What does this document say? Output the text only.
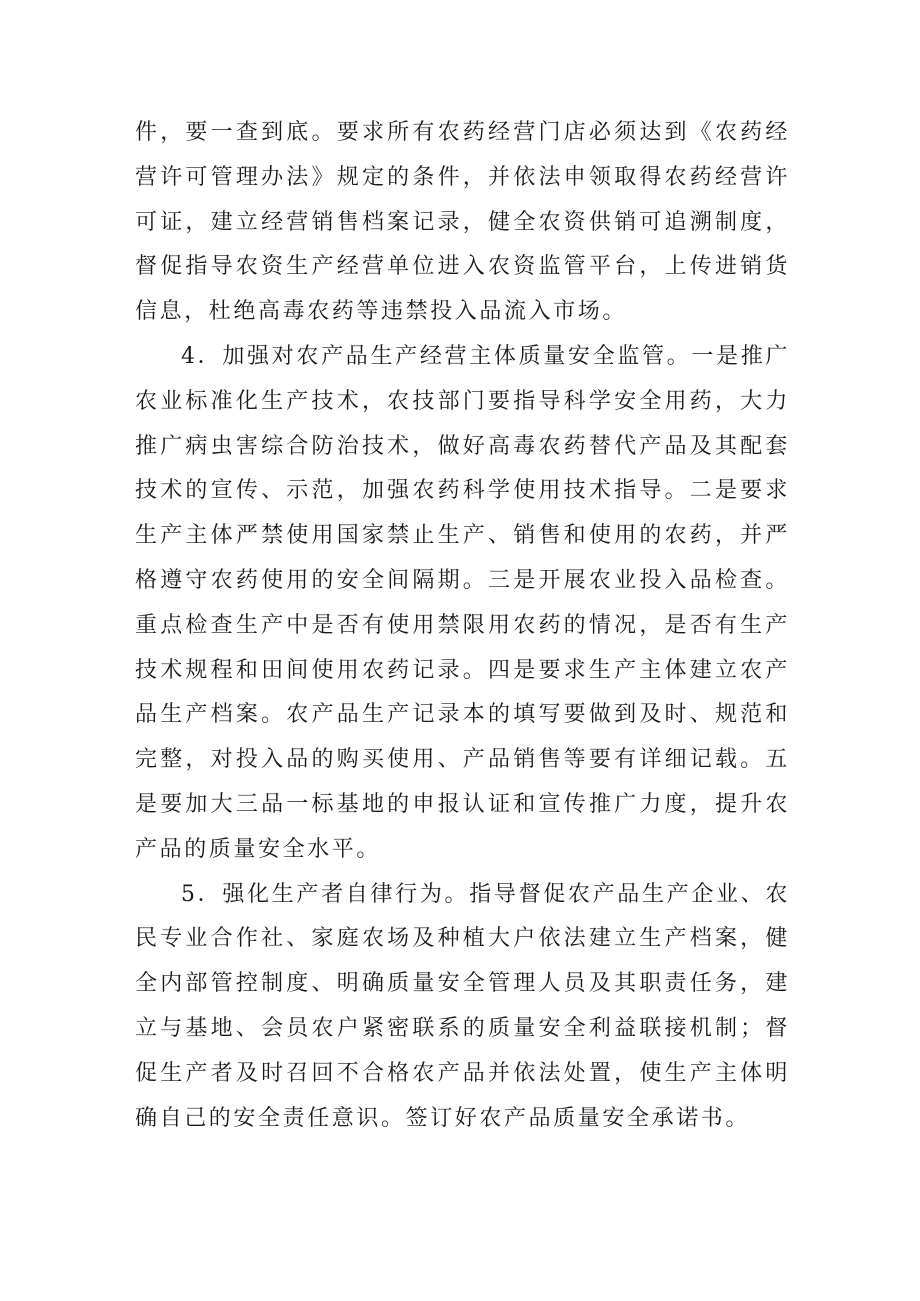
件，要一查到底。要求所有农药经营门店必须达到《农药经营许可管理办法》规定的条件，并依法申领取得农药经营许可证，建立经营销售档案记录，健全农资供销可追溯制度，督促指导农资生产经营单位进入农资监管平台，上传进销货信息，杜绝高毒农药等违禁投入品流入市场。

4．加强对农产品生产经营主体质量安全监管。一是推广农业标准化生产技术，农技部门要指导科学安全用药，大力推广病虫害综合防治技术，做好高毒农药替代产品及其配套技术的宣传、示范，加强农药科学使用技术指导。二是要求生产主体严禁使用国家禁止生产、销售和使用的农药，并严格遵守农药使用的安全间隔期。三是开展农业投入品检查。重点检查生产中是否有使用禁限用农药的情况，是否有生产技术规程和田间使用农药记录。四是要求生产主体建立农产品生产档案。农产品生产记录本的填写要做到及时、规范和完整，对投入品的购买使用、产品销售等要有详细记载。五是要加大三品一标基地的申报认证和宣传推广力度，提升农产品的质量安全水平。

5．强化生产者自律行为。指导督促农产品生产企业、农民专业合作社、家庭农场及种植大户依法建立生产档案，健全内部管控制度、明确质量安全管理人员及其职责任务，建立与基地、会员农户紧密联系的质量安全利益联接机制；督促生产者及时召回不合格农产品并依法处置，使生产主体明确自己的安全责任意识。签订好农产品质量安全承诺书。
